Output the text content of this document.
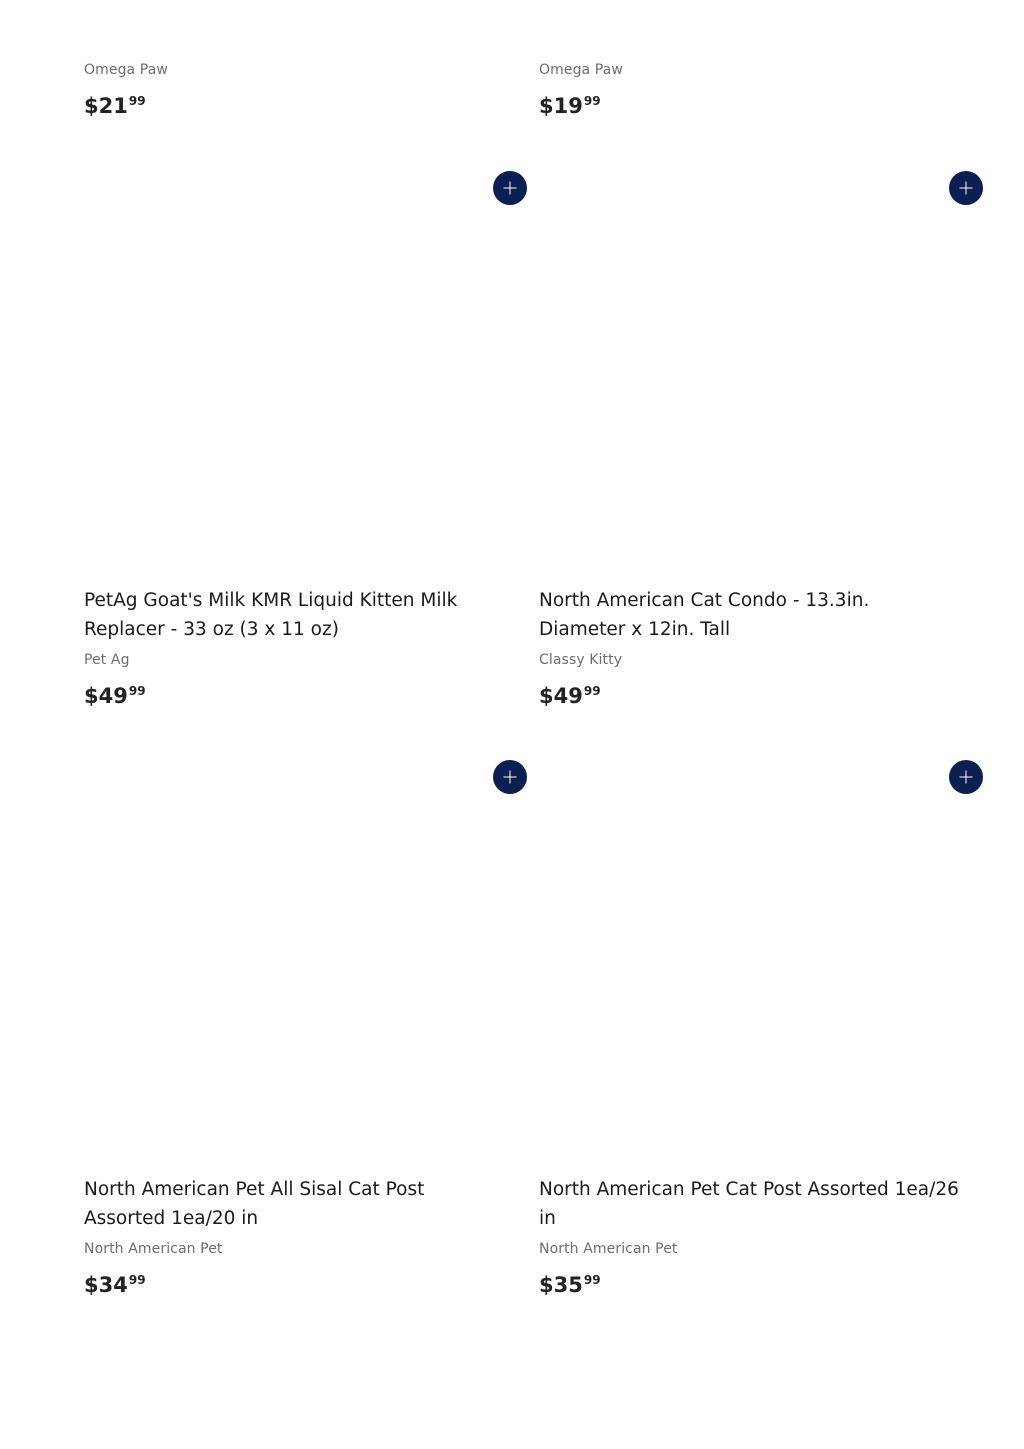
Omega Paw
$\$21^{99}$
Omega Paw
$\$19^{99}$
PetAg Goat's Milk KMR Liquid Kitten Milk Replacer - 33 oz (3 x 11 oz)
Pet Ag
$\$49^{99}$
North American Cat Condo - 13.3in. Diameter x 12in. Tall
Classy Kitty
$\$49^{99}$
North American Pet All Sisal Cat Post Assorted 1ea/20 in
North American Pet
$\$34^{99}$
North American Pet Cat Post Assorted 1ea/26 in
North American Pet
$\$35^{99}$
